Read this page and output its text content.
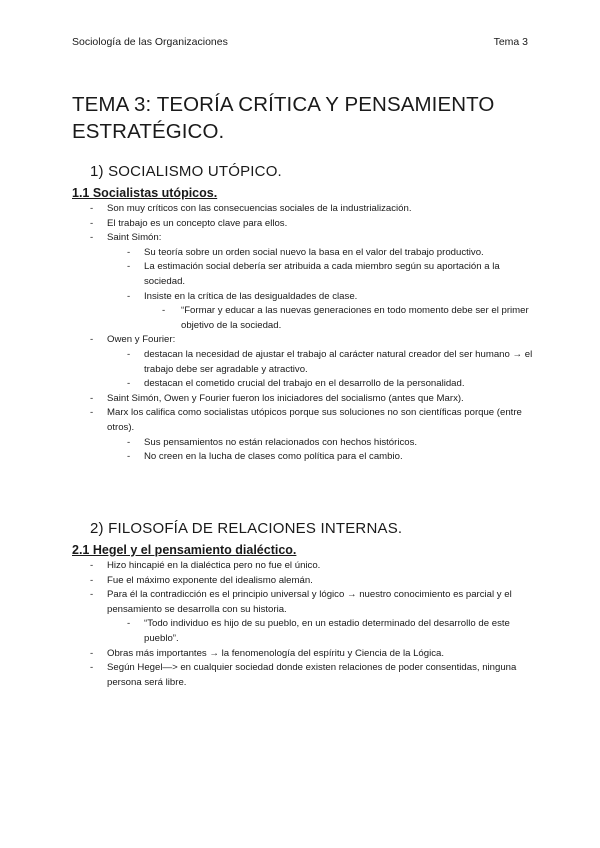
Sociología de las Organizaciones	Tema 3
TEMA 3: TEORÍA CRÍTICA Y PENSAMIENTO ESTRATÉGICO.
1) SOCIALISMO UTÓPICO.
1.1 Socialistas utópicos.
- Son muy críticos con las consecuencias sociales de la industrialización.
- El trabajo es un concepto clave para ellos.
- Saint Simón:
- Su teoría sobre un orden social nuevo la basa en el valor del trabajo productivo.
- La estimación social debería ser atribuida a cada miembro según su aportación a la sociedad.
- Insiste en la crítica de las desigualdades de clase.
- “Formar y educar a las nuevas generaciones en todo momento debe ser el primer objetivo de la sociedad.
- Owen y Fourier:
- destacan la necesidad de ajustar el trabajo al carácter natural creador del ser humano → el trabajo debe ser agradable y atractivo.
- destacan el cometido crucial del trabajo en el desarrollo de la personalidad.
- Saint Simón, Owen y Fourier fueron los iniciadores del socialismo (antes que Marx).
- Marx los califica como socialistas utópicos porque sus soluciones no son científicas porque (entre otros).
- Sus pensamientos no están relacionados con hechos históricos.
- No creen en la lucha de clases como política para el cambio.
2) FILOSOFÍA DE RELACIONES INTERNAS.
2.1 Hegel y el pensamiento dialéctico.
- Hizo hincapié en la dialéctica pero no fue el único.
- Fue el máximo exponente del idealismo alemán.
- Para él la contradicción es el principio universal y lógico → nuestro conocimiento es parcial y el pensamiento se desarrolla con su historia.
- “Todo individuo es hijo de su pueblo, en un estadio determinado del desarrollo de este pueblo”.
- Obras más importantes → la fenomenología del espíritu y Ciencia de la Lógica.
- Según Hegel—> en cualquier sociedad donde existen relaciones de poder consentidas, ninguna persona será libre.
